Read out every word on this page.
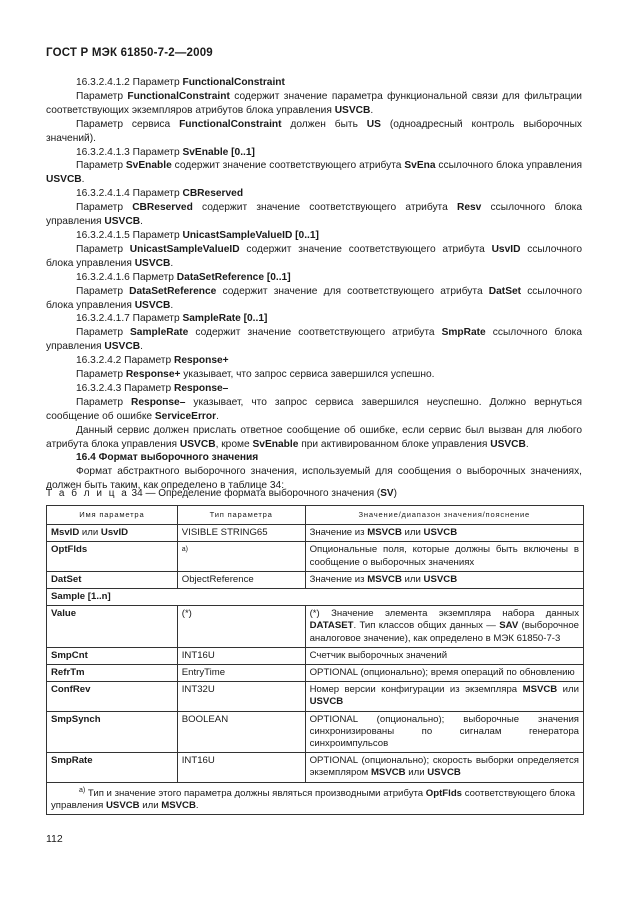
ГОСТ Р МЭК 61850-7-2—2009

16.3.2.4.1.2 Параметр FunctionalConstraint

Параметр FunctionalConstraint содержит значение параметра функциональной связи для фильтрации соответствующих экземпляров атрибутов блока управления USVCB.

Параметр сервиса FunctionalConstraint должен быть US (одноадресный контроль выборочных значений).

16.3.2.4.1.3 Параметр SvEnable [0..1]

Параметр SvEnable содержит значение соответствующего атрибута SvEna ссылочного блока управления USVCB.

16.3.2.4.1.4 Параметр CBReserved

Параметр CBReserved содержит значение соответствующего атрибута Resv ссылочного блока управления USVCB.

16.3.2.4.1.5 Параметр UnicastSampleValueID [0..1]

Параметр UnicastSampleValueID содержит значение соответствующего атрибута UsvID ссылочного блока управления USVCB.

16.3.2.4.1.6 Парметр DataSetReference [0..1]

Параметр DataSetReference содержит значение для соответствующего атрибута DatSet ссылочного блока управления USVCB.

16.3.2.4.1.7 Параметр SampleRate [0..1]

Параметр SampleRate содержит значение соответствующего атрибута SmpRate ссылочного блока управления USVCB.

16.3.2.4.2 Параметр Response+

Параметр Response+ указывает, что запрос сервиса завершился успешно.

16.3.2.4.3 Параметр Response–

Параметр Response– указывает, что запрос сервиса завершился неуспешно. Должно вернуться сообщение об ошибке ServiceError.

Данный сервис должен прислать ответное сообщение об ошибке, если сервис был вызван для любого атрибута блока управления USVCB, кроме SvEnable при активированном блоке управления USVCB.

16.4 Формат выборочного значения

Формат абстрактного выборочного значения, используемый для сообщения о выборочных значениях, должен быть таким, как определено в таблице 34:

Т а б л и ц а 34 — Определение формата выборочного значения (SV)
Имя параметра	Тип параметра	Значение/диапазон значения/пояснение
MsvID или UsvID	VISIBLE STRING65	Значение из MSVCB или USVCB
OptFlds	$^{a)}$	Опциональные поля, которые должны быть включены в сообщение о выборочных значениях
DatSet	ObjectReference	Значение из MSVCB или USVCB
Sample [1..n]		
Value	(*)	(*) Значение элемента экземпляра набора данных DATASET. Тип классов общих данных — SAV (выборочное аналоговое значение), как определено в МЭК 61850-7-3
SmpCnt	INT16U	Счетчик выборочных значений
RefrTm	EntryTime	OPTIONAL (опционально); время операций по обновлению
ConfRev	INT32U	Номер версии конфигурации из экземпляра MSVCB или USVCB
SmpSynch	BOOLEAN	OPTIONAL (опционально); выборочные значения синхронизированы по сигналам генератора синхроимпульсов
SmpRate	INT16U	OPTIONAL (опционально); скорость выборки определяется экземпляром MSVCB или USVCB
$^{a)}$ Тип и значение этого параметра должны являться производными атрибута OptFlds соответствующего блока управления USVCB или MSVCB.		
112
